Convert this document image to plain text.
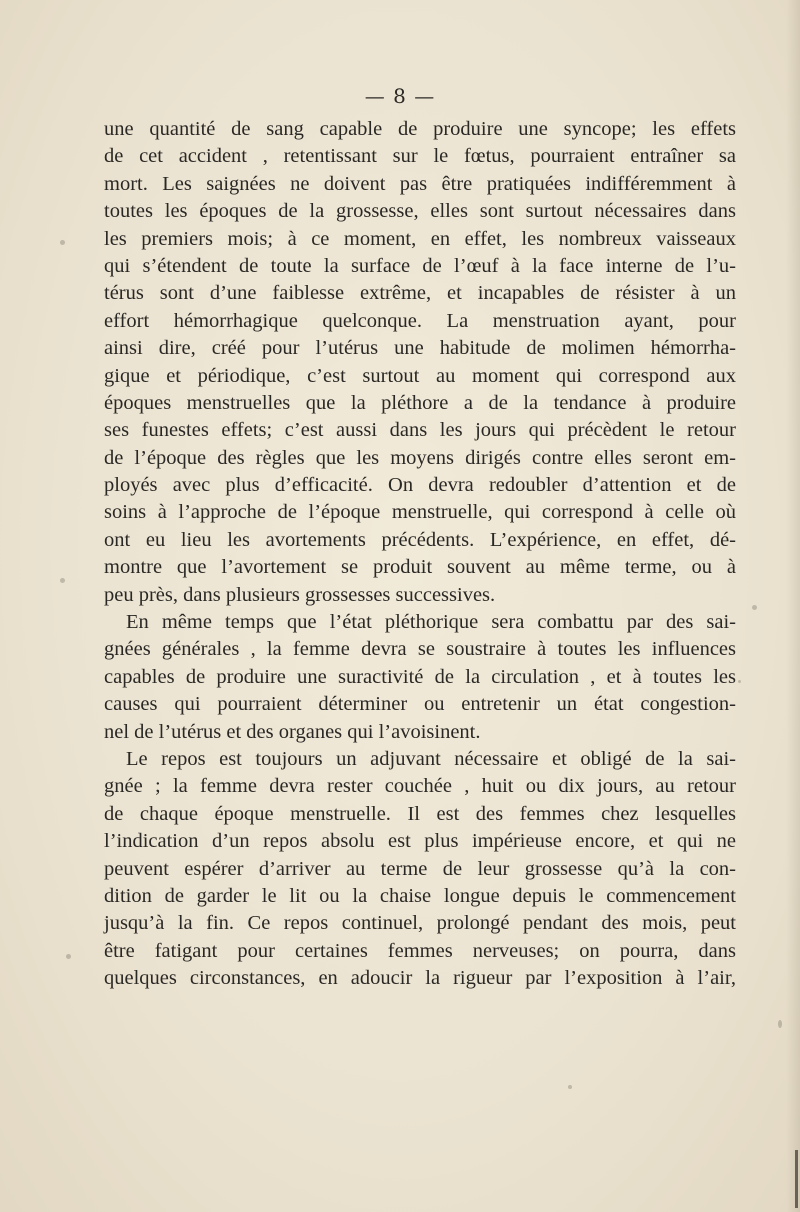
— 8 —
une quantité de sang capable de produire une syncope; les effets
de cet accident , retentissant sur le fœtus, pourraient entraîner sa
mort. Les saignées ne doivent pas être pratiquées indifféremment à
toutes les époques de la grossesse, elles sont surtout nécessaires dans
les premiers mois; à ce moment, en effet, les nombreux vaisseaux
qui s’étendent de toute la surface de l’œuf à la face interne de l’u-
térus sont d’une faiblesse extrême, et incapables de résister à un
effort hémorrhagique quelconque. La menstruation ayant, pour
ainsi dire, créé pour l’utérus une habitude de molimen hémorrha-
gique et périodique, c’est surtout au moment qui correspond aux
époques menstruelles que la pléthore a de la tendance à produire
ses funestes effets; c’est aussi dans les jours qui précèdent le retour
de l’époque des règles que les moyens dirigés contre elles seront em-
ployés avec plus d’efficacité. On devra redoubler d’attention et de
soins à l’approche de l’époque menstruelle, qui correspond à celle où
ont eu lieu les avortements précédents. L’expérience, en effet, dé-
montre que l’avortement se produit souvent au même terme, ou à
peu près, dans plusieurs grossesses successives.
En même temps que l’état pléthorique sera combattu par des sai-
gnées générales , la femme devra se soustraire à toutes les influences
capables de produire une suractivité de la circulation , et à toutes les
causes qui pourraient déterminer ou entretenir un état congestion-
nel de l’utérus et des organes qui l’avoisinent.
Le repos est toujours un adjuvant nécessaire et obligé de la sai-
gnée ; la femme devra rester couchée , huit ou dix jours, au retour
de chaque époque menstruelle. Il est des femmes chez lesquelles
l’indication d’un repos absolu est plus impérieuse encore, et qui ne
peuvent espérer d’arriver au terme de leur grossesse qu’à la con-
dition de garder le lit ou la chaise longue depuis le commencement
jusqu’à la fin. Ce repos continuel, prolongé pendant des mois, peut
être fatigant pour certaines femmes nerveuses; on pourra, dans
quelques circonstances, en adoucir la rigueur par l’exposition à l’air,
